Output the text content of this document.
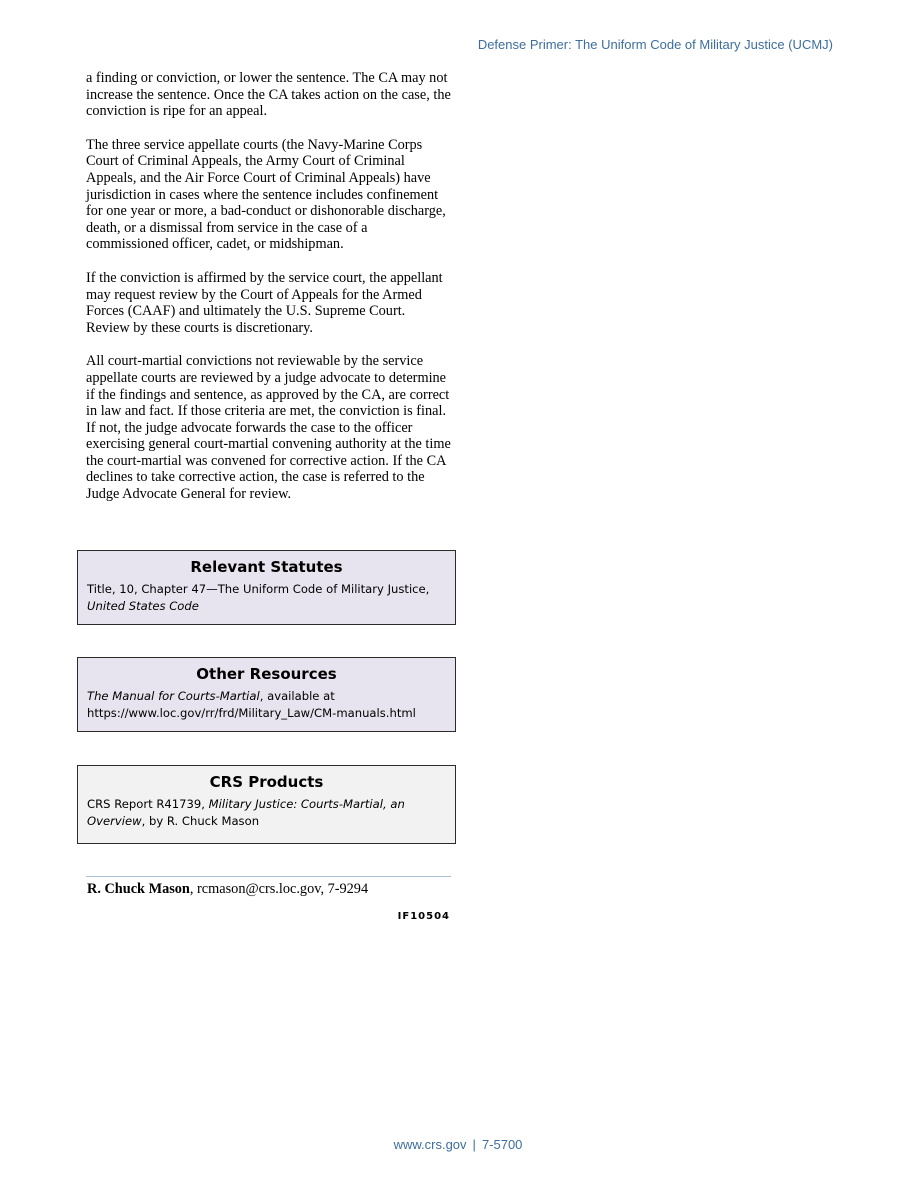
Defense Primer: The Uniform Code of Military Justice (UCMJ)

a finding or conviction, or lower the sentence. The CA may not increase the sentence. Once the CA takes action on the case, the conviction is ripe for an appeal.

The three service appellate courts (the Navy-Marine Corps Court of Criminal Appeals, the Army Court of Criminal Appeals, and the Air Force Court of Criminal Appeals) have jurisdiction in cases where the sentence includes confinement for one year or more, a bad-conduct or dishonorable discharge, death, or a dismissal from service in the case of a commissioned officer, cadet, or midshipman.

If the conviction is affirmed by the service court, the appellant may request review by the Court of Appeals for the Armed Forces (CAAF) and ultimately the U.S. Supreme Court. Review by these courts is discretionary.

All court-martial convictions not reviewable by the service appellate courts are reviewed by a judge advocate to determine if the findings and sentence, as approved by the CA, are correct in law and fact. If those criteria are met, the conviction is final. If not, the judge advocate forwards the case to the officer exercising general court-martial convening authority at the time the court-martial was convened for corrective action. If the CA declines to take corrective action, the case is referred to the Judge Advocate General for review.

Relevant Statutes
Title, 10, Chapter 47—The Uniform Code of Military Justice,
United States Code
Other Resources
The Manual for Courts-Martial, available at https://www.loc.gov/rr/frd/Military_Law/CM-manuals.html
CRS Products
CRS Report R41739, Military Justice: Courts-Martial, an Overview, by R. Chuck Mason
R. Chuck Mason, rcmason@crs.loc.gov, 7-9294
IF10504
www.crs.gov | 7-5700
